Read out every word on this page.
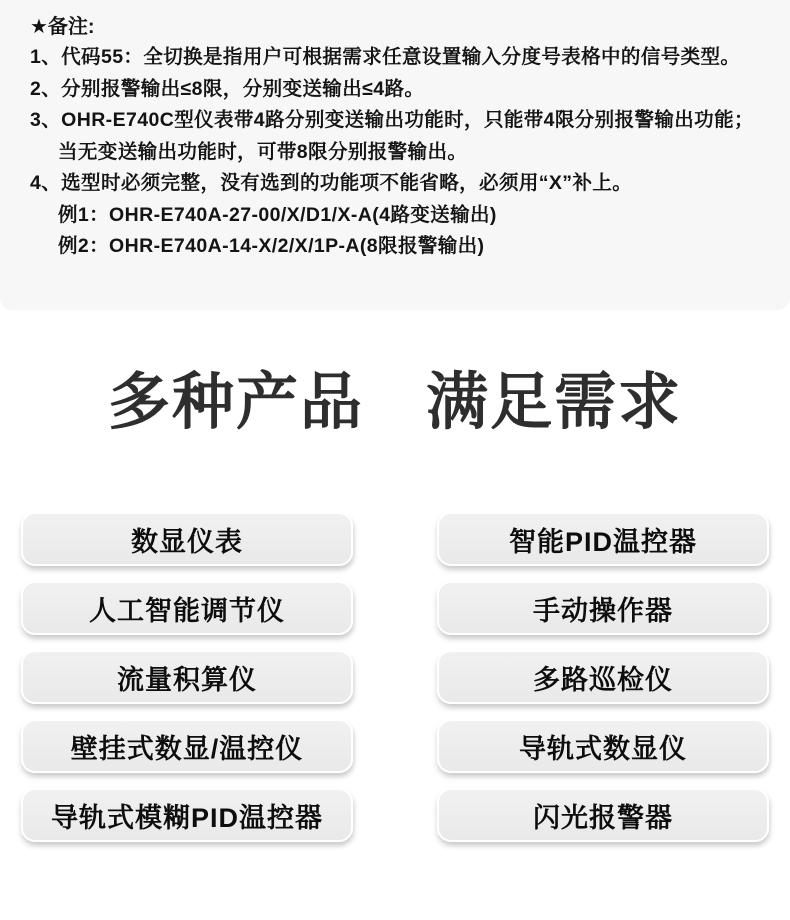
★备注:
1、代码55：全切换是指用户可根据需求任意设置输入分度号表格中的信号类型。
2、分别报警输出≤8限，分别变送输出≤4路。
3、OHR-E740C型仪表带4路分别变送输出功能时，只能带4限分别报警输出功能；
当无变送输出功能时，可带8限分别报警输出。
4、选型时必须完整，没有选到的功能项不能省略，必须用“X”补上。
例1：OHR-E740A-27-00/X/D1/X-A(4路变送输出)
例2：OHR-E740A-14-X/2/X/1P-A(8限报警输出)
多种产品 满足需求
数显仪表
人工智能调节仪
流量积算仪
壁挂式数显/温控仪
导轨式模糊PID温控器
智能PID温控器
手动操作器
多路巡检仪
导轨式数显仪
闪光报警器
